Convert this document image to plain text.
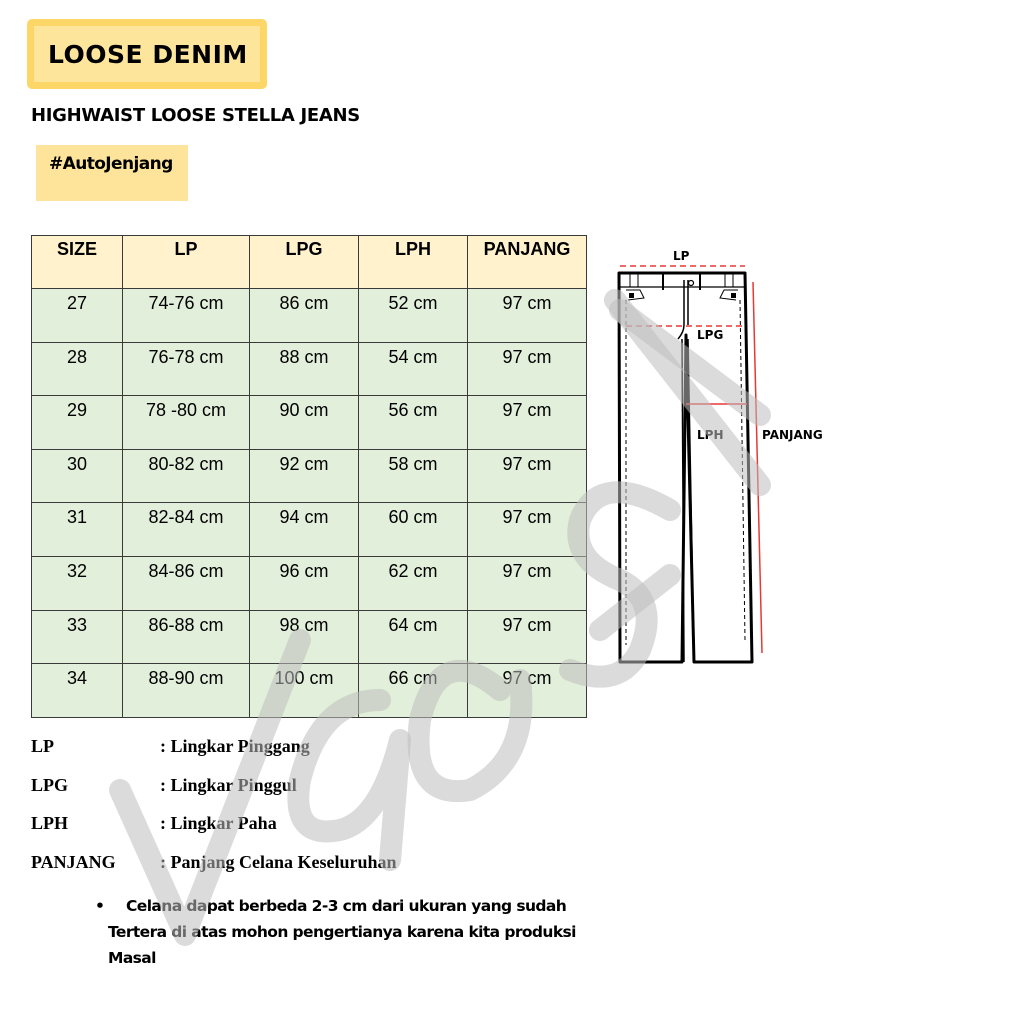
LOOSE DENIM
HIGHWAIST LOOSE STELLA JEANS
#AutoJenjang
SIZE	LP	LPG	LPH	PANJANG
27	74-76 cm	86 cm	52 cm	97 cm
28	76-78 cm	88 cm	54 cm	97 cm
29	78 -80 cm	90 cm	56 cm	97 cm
30	80-82 cm	92 cm	58 cm	97 cm
31	82-84 cm	94 cm	60 cm	97 cm
32	84-86 cm	96 cm	62 cm	97 cm
33	86-88 cm	98 cm	64 cm	97 cm
34	88-90 cm	100 cm	66 cm	97 cm
LP
LPG
LPH	PANJANG
LP	: Lingkar Pinggang
LPG	: Lingkar Pinggul
LPH	: Lingkar Paha
PANJANG	: Panjang Celana Keseluruhan
•	Celana dapat berbeda 2-3 cm dari ukuran yang sudah Tertera di atas mohon pengertianya karena kita produksi Masal
